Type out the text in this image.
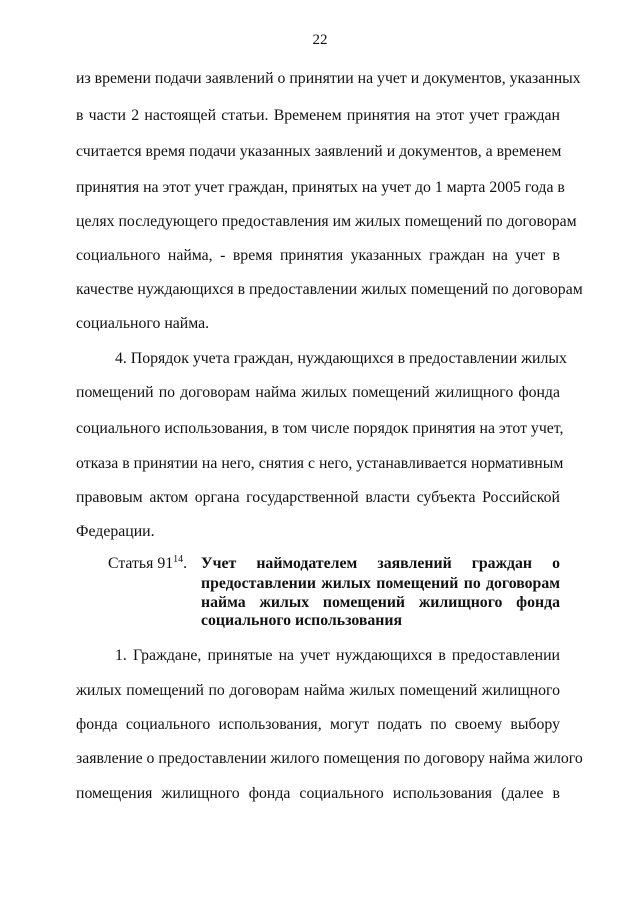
22
из времени подачи заявлений о принятии на учет и документов, указанных
в части 2 настоящей статьи. Временем принятия на этот учет граждан
считается время подачи указанных заявлений и документов, а временем
принятия на этот учет граждан, принятых на учет до 1 марта 2005 года в
целях последующего предоставления им жилых помещений по договорам
социального найма, - время принятия указанных граждан на учет в
качестве нуждающихся в предоставлении жилых помещений по договорам
социального найма.
4. Порядок учета граждан, нуждающихся в предоставлении жилых
помещений по договорам найма жилых помещений жилищного фонда
социального использования, в том числе порядок принятия на этот учет,
отказа в принятии на него, снятия с него, устанавливается нормативным
правовым актом органа государственной власти субъекта Российской
Федерации.
Статья $91^{14}$. Учет наймодателем заявлений граждан о
предоставлении жилых помещений по договорам
найма жилых помещений жилищного фонда
социального использования
1. Граждане, принятые на учет нуждающихся в предоставлении
жилых помещений по договорам найма жилых помещений жилищного
фонда социального использования, могут подать по своему выбору
заявление о предоставлении жилого помещения по договору найма жилого
помещения жилищного фонда социального использования (далее в
